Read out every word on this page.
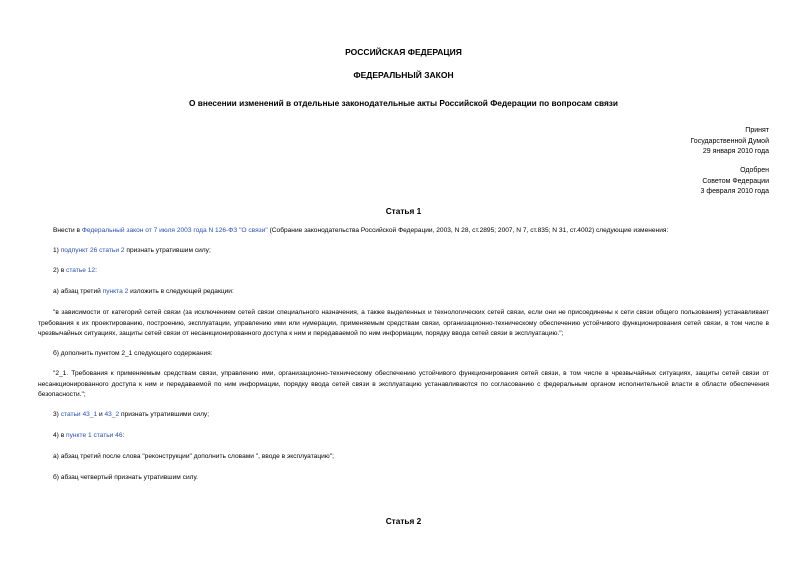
РОССИЙСКАЯ ФЕДЕРАЦИЯ
ФЕДЕРАЛЬНЫЙ ЗАКОН
О внесении изменений в отдельные законодательные акты Российской Федерации по вопросам связи
Принят
Государственной Думой
29 января 2010 года
Одобрен
Советом Федерации
3 февраля 2010 года
Статья 1
Внести в Федеральный закон от 7 июля 2003 года N 126-ФЗ "О связи" (Собрание законодательства Российской Федерации, 2003, N 28, ст.2895; 2007, N 7, ст.835; N 31, ст.4002) следующие изменения:
1) подпункт 26 статьи 2 признать утратившим силу;
2) в статье 12:
а) абзац третий пункта 2 изложить в следующей редакции:
"в зависимости от категорий сетей связи (за исключением сетей связи специального назначения, а также выделенных и технологических сетей связи, если они не присоединены к сети связи общего пользования) устанавливает требования к их проектированию, построению, эксплуатации, управлению ими или нумерации, применяемым средствам связи, организационно-техническому обеспечению устойчивого функционирования сетей связи, в том числе в чрезвычайных ситуациях, защиты сетей связи от несанкционированного доступа к ним и передаваемой по ним информации, порядку ввода сетей связи в эксплуатацию.";
б) дополнить пунктом 2_1 следующего содержания:
"2_1. Требования к применяемым средствам связи, управлению ими, организационно-техническому обеспечению устойчивого функционирования сетей связи, в том числе в чрезвычайных ситуациях, защиты сетей связи от несанкционированного доступа к ним и передаваемой по ним информации, порядку ввода сетей связи в эксплуатацию устанавливаются по согласованию с федеральным органом исполнительной власти в области обеспечения безопасности.";
3) статьи 43_1 и 43_2 признать утратившими силу;
4) в пункте 1 статьи 46:
а) абзац третий после слова "реконструкции" дополнить словами ", вводе в эксплуатацию";
б) абзац четвертый признать утратившим силу.
Статья 2
